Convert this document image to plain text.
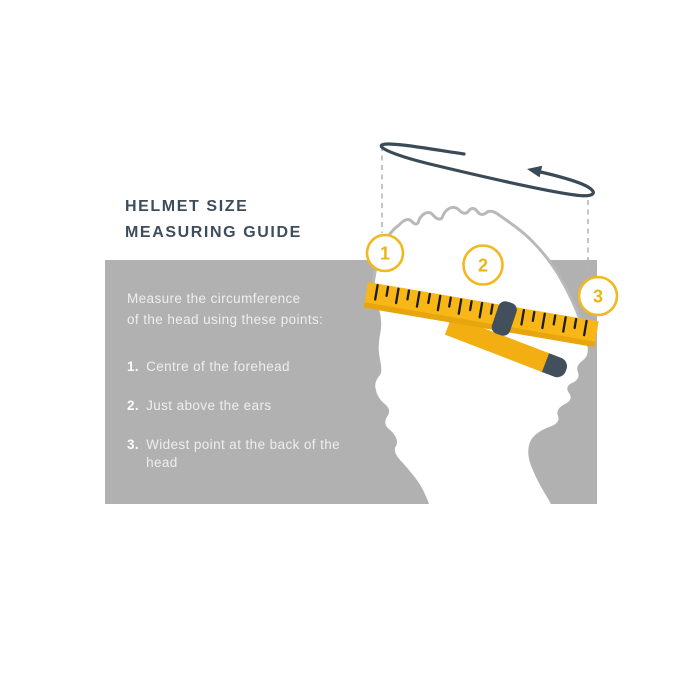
HELMET SIZE
MEASURING GUIDE

Measure the circumference
of the head using these points:

1. Centre of the forehead
2. Just above the ears
3. Widest point at the back of the head
1
2
3
